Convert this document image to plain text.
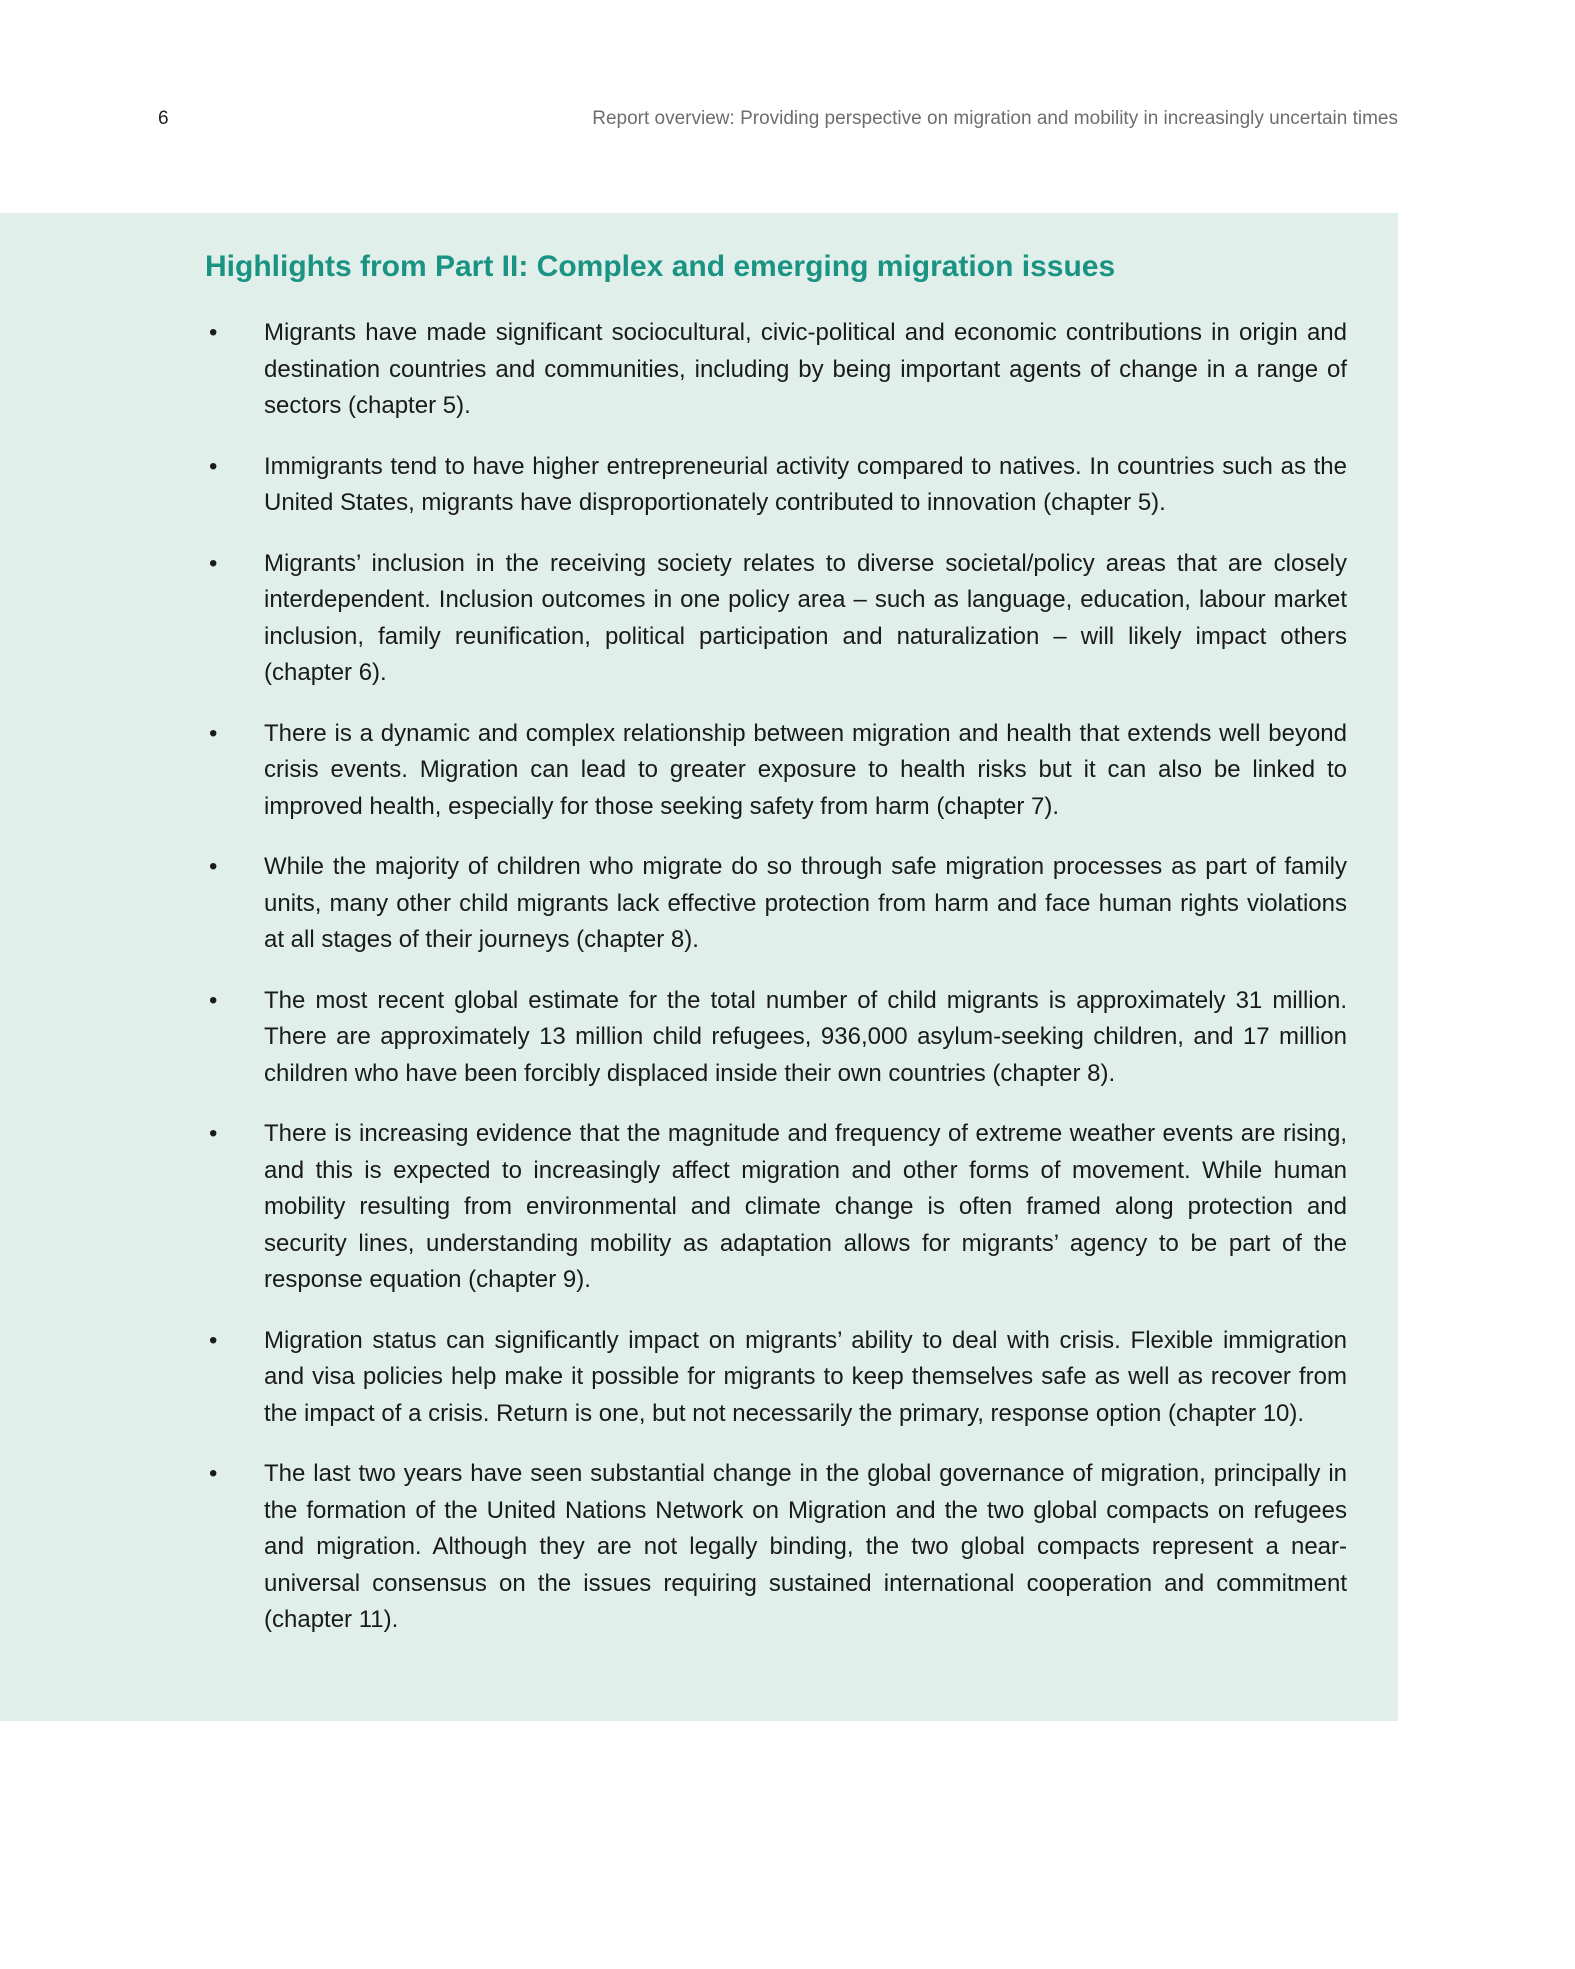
6	Report overview: Providing perspective on migration and mobility in increasingly uncertain times
Highlights from Part II: Complex and emerging migration issues
• Migrants have made significant sociocultural, civic-political and economic contributions in origin and destination countries and communities, including by being important agents of change in a range of sectors (chapter 5).
• Immigrants tend to have higher entrepreneurial activity compared to natives. In countries such as the United States, migrants have disproportionately contributed to innovation (chapter 5).
• Migrants’ inclusion in the receiving society relates to diverse societal/policy areas that are closely interdependent. Inclusion outcomes in one policy area – such as language, education, labour market inclusion, family reunification, political participation and naturalization – will likely impact others (chapter 6).
• There is a dynamic and complex relationship between migration and health that extends well beyond crisis events. Migration can lead to greater exposure to health risks but it can also be linked to improved health, especially for those seeking safety from harm (chapter 7).
• While the majority of children who migrate do so through safe migration processes as part of family units, many other child migrants lack effective protection from harm and face human rights violations at all stages of their journeys (chapter 8).
• The most recent global estimate for the total number of child migrants is approximately 31 million. There are approximately 13 million child refugees, 936,000 asylum-seeking children, and 17 million children who have been forcibly displaced inside their own countries (chapter 8).
• There is increasing evidence that the magnitude and frequency of extreme weather events are rising, and this is expected to increasingly affect migration and other forms of movement. While human mobility resulting from environmental and climate change is often framed along protection and security lines, understanding mobility as adaptation allows for migrants’ agency to be part of the response equation (chapter 9).
• Migration status can significantly impact on migrants’ ability to deal with crisis. Flexible immigration and visa policies help make it possible for migrants to keep themselves safe as well as recover from the impact of a crisis. Return is one, but not necessarily the primary, response option (chapter 10).
• The last two years have seen substantial change in the global governance of migration, principally in the formation of the United Nations Network on Migration and the two global compacts on refugees and migration. Although they are not legally binding, the two global compacts represent a near-universal consensus on the issues requiring sustained international cooperation and commitment (chapter 11).
